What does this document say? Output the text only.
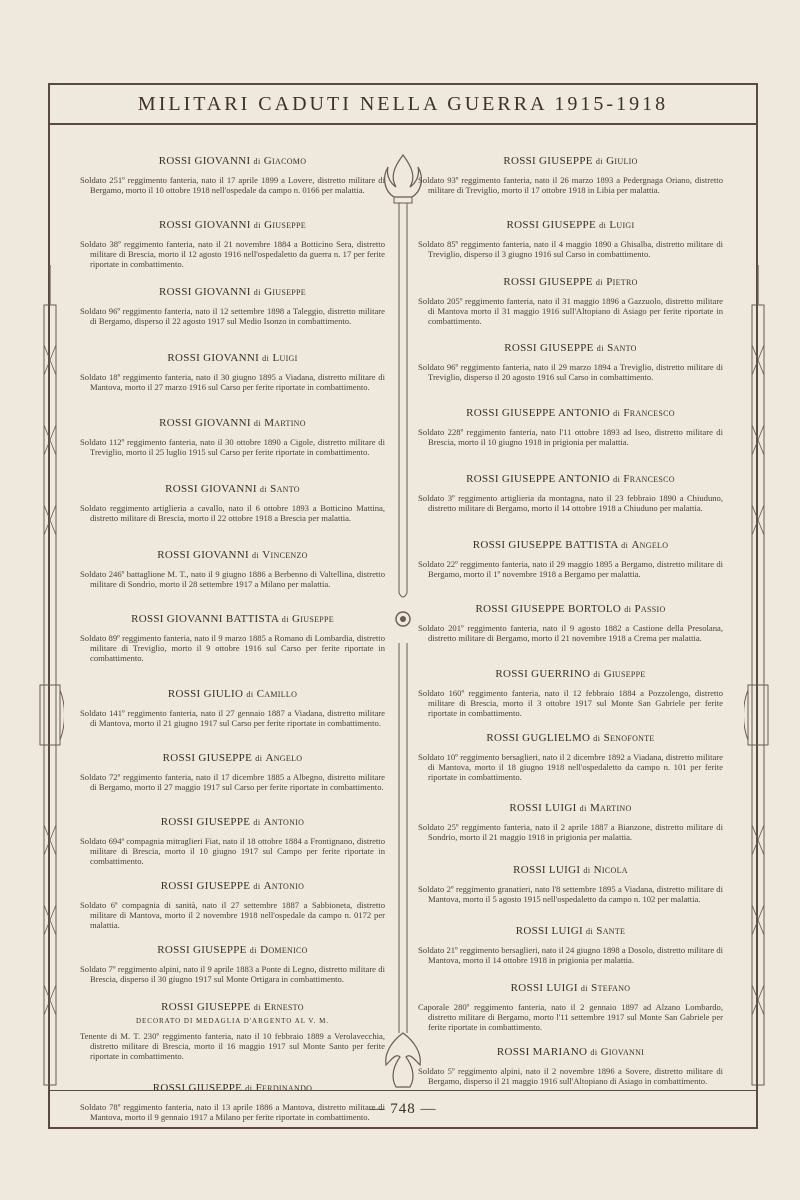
MILITARI CADUTI NELLA GUERRA 1915-1918
ROSSI GIOVANNI di Giacomo
Soldato 251º reggimento fanteria, nato il 17 aprile 1899 a Lovere, distretto militare di Bergamo, morto il 10 ottobre 1918 nell'ospedale da campo n. 0166 per malattia.
ROSSI GIOVANNI di Giuseppe
Soldato 38º reggimento fanteria, nato il 21 novembre 1884 a Botticino Sera, distretto militare di Brescia, morto il 12 agosto 1916 nell'ospedaletto da guerra n. 17 per ferite riportate in combattimento.
ROSSI GIOVANNI di Giuseppe
Soldato 96º reggimento fanteria, nato il 12 settembre 1898 a Taleggio, distretto militare di Bergamo, disperso il 22 agosto 1917 sul Medio Isonzo in combattimento.
ROSSI GIOVANNI di Luigi
Soldato 18º reggimento fanteria, nato il 30 giugno 1895 a Viadana, distretto militare di Mantova, morto il 27 marzo 1916 sul Carso per ferite riportate in combattimento.
ROSSI GIOVANNI di Martino
Soldato 112º reggimento fanteria, nato il 30 ottobre 1890 a Cigole, distretto militare di Treviglio, morto il 25 luglio 1915 sul Carso per ferite riportate in combattimento.
ROSSI GIOVANNI di Santo
Soldato reggimento artiglieria a cavallo, nato il 6 ottobre 1893 a Botticino Mattina, distretto militare di Brescia, morto il 22 ottobre 1918 a Brescia per malattia.
ROSSI GIOVANNI di Vincenzo
Soldato 246º battaglione M. T., nato il 9 giugno 1886 a Berbenno di Valtellina, distretto militare di Sondrio, morto il 28 settembre 1917 a Milano per malattia.
ROSSI GIOVANNI BATTISTA di Giuseppe
Soldato 89º reggimento fanteria, nato il 9 marzo 1885 a Romano di Lombardia, distretto militare di Treviglio, morto il 9 ottobre 1916 sul Carso per ferite riportate in combattimento.
ROSSI GIULIO di Camillo
Soldato 141º reggimento fanteria, nato il 27 gennaio 1887 a Viadana, distretto militare di Mantova, morto il 21 giugno 1917 sul Carso per ferite riportate in combattimento.
ROSSI GIUSEPPE di Angelo
Soldato 72º reggimento fanteria, nato il 17 dicembre 1885 a Albegno, distretto militare di Bergamo, morto il 27 maggio 1917 sul Carso per ferite riportate in combattimento.
ROSSI GIUSEPPE di Antonio
Soldato 694ª compagnia mitraglieri Fiat, nato il 18 ottobre 1884 a Frontignano, distretto militare di Brescia, morto il 10 giugno 1917 sul Campo per ferite riportate in combattimento.
ROSSI GIUSEPPE di Antonio
Soldato 6ª compagnia di sanità, nato il 27 settembre 1887 a Sabbioneta, distretto militare di Mantova, morto il 2 novembre 1918 nell'ospedale da campo n. 0172 per malattia.
ROSSI GIUSEPPE di Domenico
Soldato 7º reggimento alpini, nato il 9 aprile 1883 a Ponte di Legno, distretto militare di Brescia, disperso il 30 giugno 1917 sul Monte Ortigara in combattimento.
ROSSI GIUSEPPE di Ernesto
DECORATO DI MEDAGLIA D'ARGENTO AL V. M.
Tenente di M. T. 230º reggimento fanteria, nato il 10 febbraio 1889 a Verolavecchia, distretto militare di Brescia, morto il 16 maggio 1917 sul Monte Santo per ferite riportate in combattimento.
ROSSI GIUSEPPE di Ferdinando
Soldato 78º reggimento fanteria, nato il 13 aprile 1886 a Mantova, distretto militare di Mantova, morto il 9 gennaio 1917 a Milano per ferite riportate in combattimento.
ROSSI GIUSEPPE di Giulio
Soldato 93º reggimento fanteria, nato il 26 marzo 1893 a Pedergnaga Oriano, distretto militare di Treviglio, morto il 17 ottobre 1918 in Libia per malattia.
ROSSI GIUSEPPE di Luigi
Soldato 85º reggimento fanteria, nato il 4 maggio 1890 a Ghisalba, distretto militare di Treviglio, disperso il 3 giugno 1916 sul Carso in combattimento.
ROSSI GIUSEPPE di Pietro
Soldato 205º reggimento fanteria, nato il 31 maggio 1896 a Gazzuolo, distretto militare di Mantova morto il 31 maggio 1916 sull'Altopiano di Asiago per ferite riportate in combattimento.
ROSSI GIUSEPPE di Santo
Soldato 96º reggimento fanteria, nato il 29 marzo 1894 a Treviglio, distretto militare di Treviglio, disperso il 20 agosto 1916 sul Carso in combattimento.
ROSSI GIUSEPPE ANTONIO di Francesco
Soldato 228º reggimento fanteria, nato l'11 ottobre 1893 ad Iseo, distretto militare di Brescia, morto il 10 giugno 1918 in prigionia per malattia.
ROSSI GIUSEPPE ANTONIO di Francesco
Soldato 3º reggimento artiglieria da montagna, nato il 23 febbraio 1890 a Chiuduno, distretto militare di Bergamo, morto il 14 ottobre 1918 a Chiuduno per malattia.
ROSSI GIUSEPPE BATTISTA di Angelo
Soldato 22º reggimento fanteria, nato il 29 maggio 1895 a Bergamo, distretto militare di Bergamo, morto il 1º novembre 1918 a Bergamo per malattia.
ROSSI GIUSEPPE BORTOLO di Passio
Soldato 201º reggimento fanteria, nato il 9 agosto 1882 a Castione della Presolana, distretto militare di Bergamo, morto il 21 novembre 1918 a Crema per malattia.
ROSSI GUERRINO di Giuseppe
Soldato 160º reggimento fanteria, nato il 12 febbraio 1884 a Pozzolengo, distretto militare di Brescia, morto il 3 ottobre 1917 sul Monte San Gabriele per ferite riportate in combattimento.
ROSSI GUGLIELMO di Senofonte
Soldato 10º reggimento bersaglieri, nato il 2 dicembre 1892 a Viadana, distretto militare di Mantova, morto il 18 giugno 1918 nell'ospedaletto da campo n. 101 per ferite riportate in combattimento.
ROSSI LUIGI di Martino
Soldato 25º reggimento fanteria, nato il 2 aprile 1887 a Bianzone, distretto militare di Sondrio, morto il 21 maggio 1918 in prigionia per malattia.
ROSSI LUIGI di Nicola
Soldato 2º reggimento granatieri, nato l'8 settembre 1895 a Viadana, distretto militare di Mantova, morto il 5 agosto 1915 nell'ospedaletto da campo n. 102 per malattia.
ROSSI LUIGI di Sante
Soldato 21º reggimento bersaglieri, nato il 24 giugno 1898 a Dosolo, distretto militare di Mantova, morto il 14 ottobre 1918 in prigionia per malattia.
ROSSI LUIGI di Stefano
Caporale 280º reggimento fanteria, nato il 2 gennaio 1897 ad Alzano Lombardo, distretto militare di Bergamo, morto l'11 settembre 1917 sul Monte San Gabriele per ferite riportate in combattimento.
ROSSI MARIANO di Giovanni
Soldato 5º reggimento alpini, nato il 2 novembre 1896 a Sovere, distretto militare di Bergamo, disperso il 21 maggio 1916 sull'Altopiano di Asiago in combattimento.
— 748 —
